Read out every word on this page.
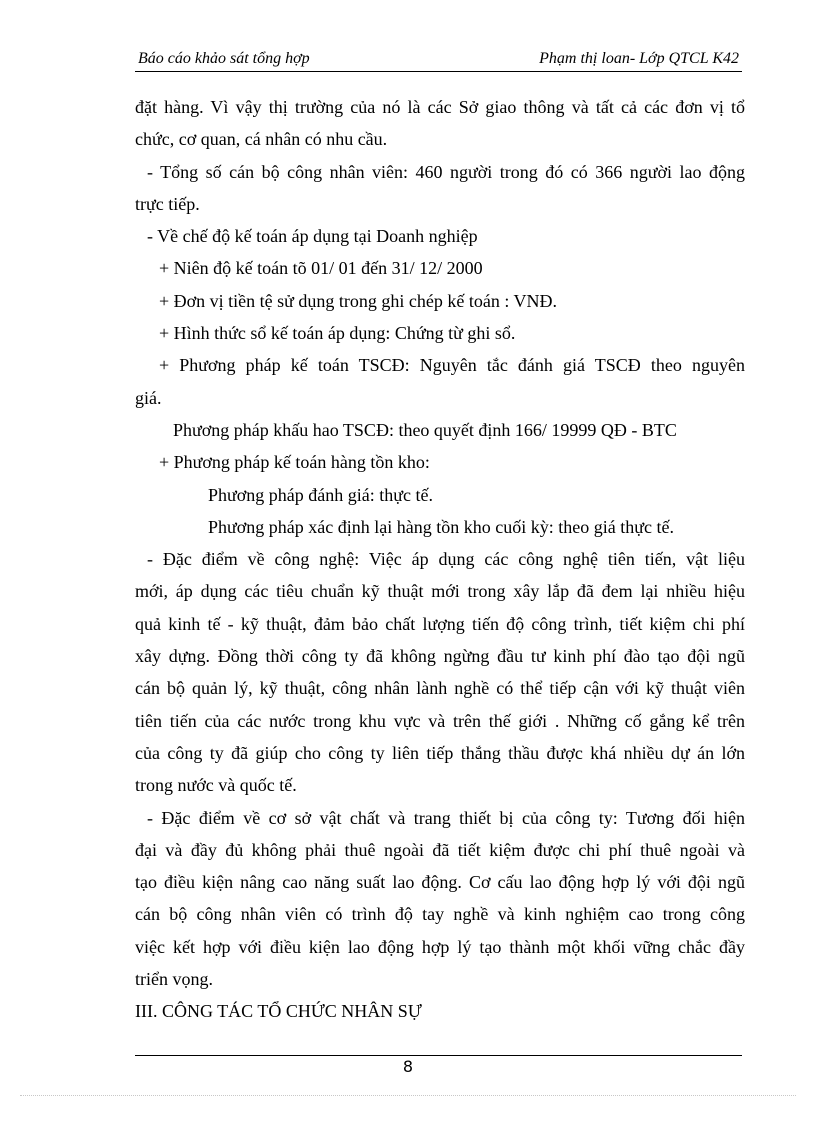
Báo cáo khảo sát tổng hợp	Phạm thị loan- Lớp QTCL K42
đặt hàng. Vì vậy thị trường của nó là các Sở giao thông và tất cả các đơn vị tổ
chức, cơ quan, cá nhân có nhu cầu.
- Tổng số cán bộ công nhân viên: 460 người trong đó có 366 người lao động
trực tiếp.
- Về chế độ kế toán áp dụng tại Doanh nghiệp
+ Niên độ kế toán tõ 01/ 01 đến 31/ 12/ 2000
+ Đơn vị tiền tệ sử dụng trong ghi chép kế toán : VNĐ.
+ Hình thức sổ kế toán áp dụng: Chứng từ ghi sổ.
+ Phương pháp kế toán TSCĐ: Nguyên tắc đánh giá TSCĐ theo nguyên
giá.
Phương pháp khấu hao TSCĐ: theo quyết định 166/ 19999 QĐ - BTC
+ Phương pháp kế toán hàng tồn kho:
Phương pháp đánh giá: thực tế.
Phương pháp xác định lại hàng tồn kho cuối kỳ: theo giá thực tế.
- Đặc điểm về công nghệ: Việc áp dụng các công nghệ tiên tiến, vật liệu
mới, áp dụng các tiêu chuẩn kỹ thuật mới trong xây lắp đã đem lại nhiều hiệu
quả kinh tế - kỹ thuật, đảm bảo chất lượng tiến độ công trình, tiết kiệm chi phí
xây dựng. Đồng thời công ty đã không ngừng đầu tư kinh phí đào tạo đội ngũ
cán bộ quản lý, kỹ thuật, công nhân lành nghề có thể tiếp cận với kỹ thuật viên
tiên tiến của các nước trong khu vực và trên thế giới . Những cố gắng kể trên
của công ty đã giúp cho công ty liên tiếp thắng thầu được khá nhiều dự án lớn
trong nước và quốc tế.
- Đặc điểm về cơ sở vật chất và trang thiết bị của công ty: Tương đối hiện
đại và đầy đủ không phải thuê ngoài đã tiết kiệm được chi phí thuê ngoài và
tạo điều kiện nâng cao năng suất lao động. Cơ cấu lao động hợp lý với đội ngũ
cán bộ công nhân viên có trình độ tay nghề và kinh nghiệm cao trong công
việc kết hợp với điều kiện lao động hợp lý tạo thành một khối vững chắc đầy
triển vọng.
III. CÔNG TÁC TỔ CHỨC NHÂN SỰ
8
